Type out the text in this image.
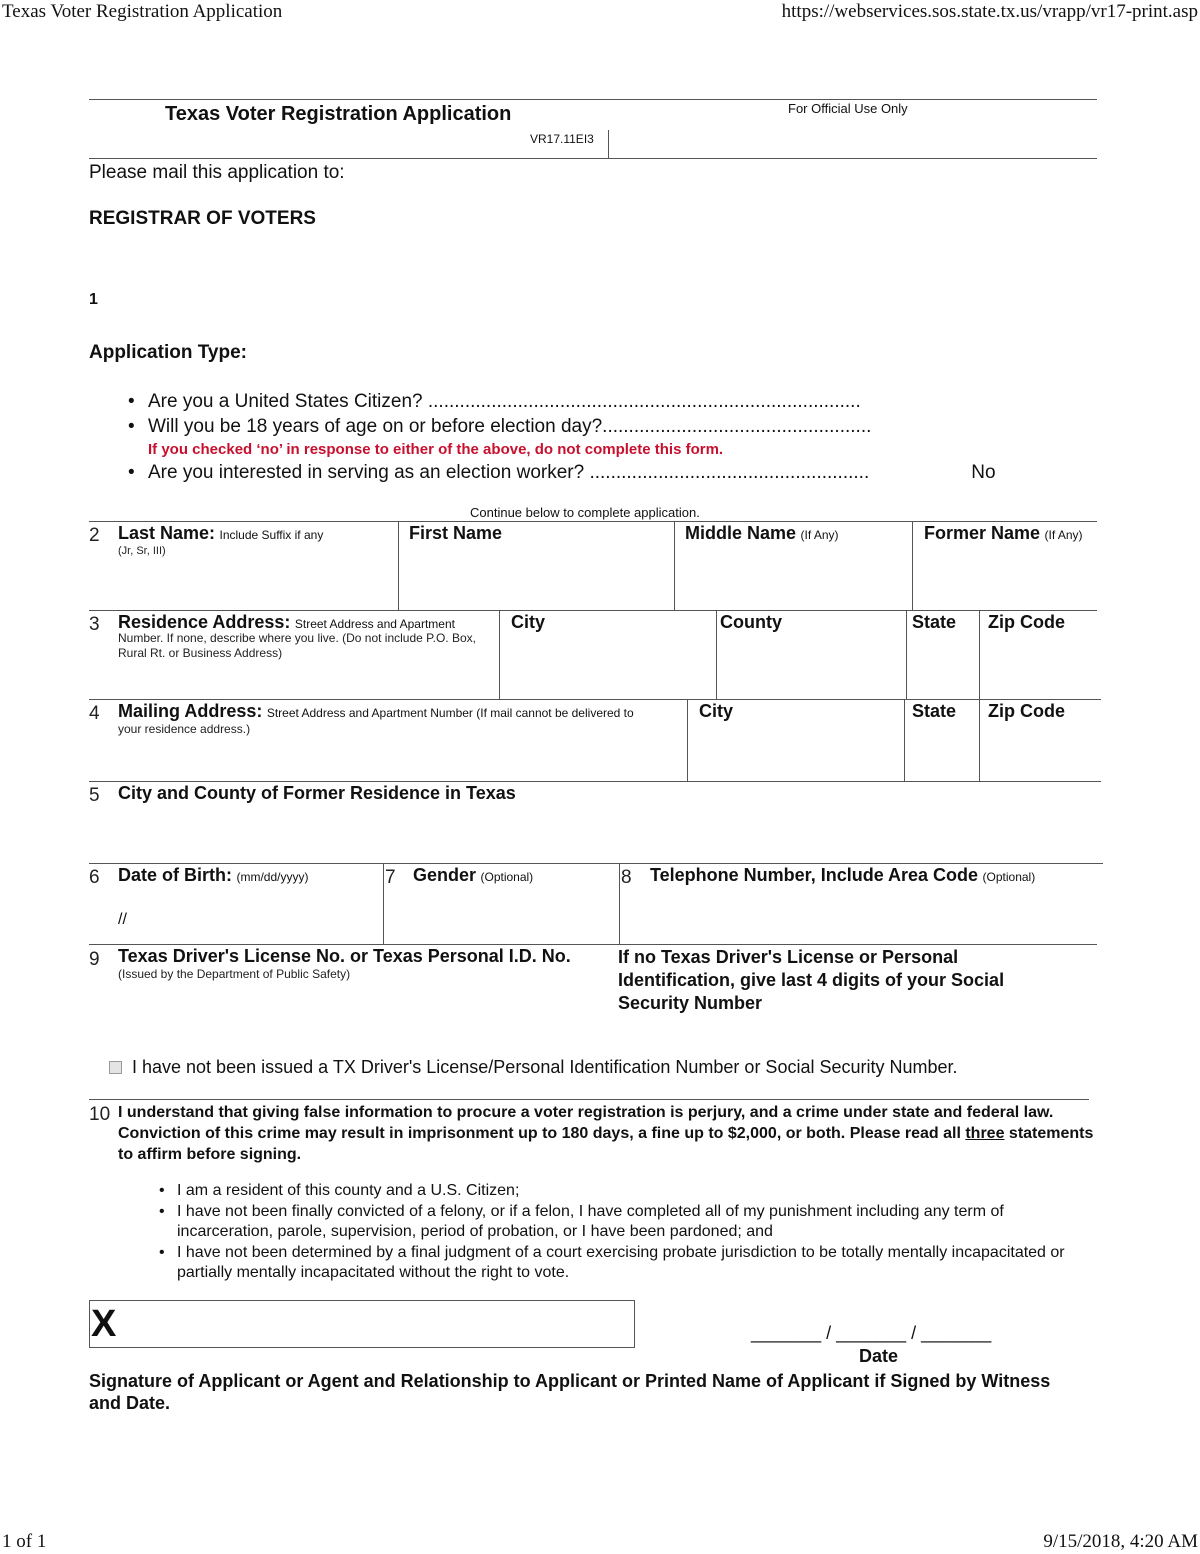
Texas Voter Registration Application	https://webservices.sos.state.tx.us/vrapp/vr17-print.asp
Texas Voter Registration Application
VR17.11EI3
For Official Use Only
Please mail this application to:
REGISTRAR OF VOTERS
1
Application Type:
• Are you a United States Citizen? ..................................................................................
• Will you be 18 years of age on or before election day?...................................................
If you checked ‘no’ in response to either of the above, do not complete this form.
• Are you interested in serving as an election worker? .....................................................	No
Continue below to complete application.
2 Last Name: Include Suffix if any
(Jr, Sr, III)
First Name	Middle Name (If Any)	Former Name (If Any)
3 Residence Address: Street Address and Apartment
Number. If none, describe where you live. (Do not include P.O. Box, Rural Rt. or Business Address)
City	County	State Zip Code
4 Mailing Address: Street Address and Apartment Number (If mail cannot be delivered to
your residence address.)
City	State Zip Code
5 City and County of Former Residence in Texas
6 Date of Birth: (mm/dd/yyyy)
//
7 Gender (Optional)	8 Telephone Number, Include Area Code (Optional)
9 Texas Driver's License No. or Texas Personal I.D. No.
(Issued by the Department of Public Safety)
If no Texas Driver's License or Personal Identification, give last 4 digits of your Social Security Number
I have not been issued a TX Driver's License/Personal Identification Number or Social Security Number.
10 I understand that giving false information to procure a voter registration is perjury, and a crime under state and federal law. Conviction of this crime may result in imprisonment up to 180 days, a fine up to $2,000, or both. Please read all three statements to affirm before signing.
• I am a resident of this county and a U.S. Citizen;
• I have not been finally convicted of a felony, or if a felon, I have completed all of my punishment including any term of incarceration, parole, supervision, period of probation, or I have been pardoned; and
• I have not been determined by a final judgment of a court exercising probate jurisdiction to be totally mentally incapacitated or partially mentally incapacitated without the right to vote.
X	_______ / _______ / _______
Date
Signature of Applicant or Agent and Relationship to Applicant or Printed Name of Applicant if Signed by Witness and Date.
1 of 1	9/15/2018, 4:20 AM
